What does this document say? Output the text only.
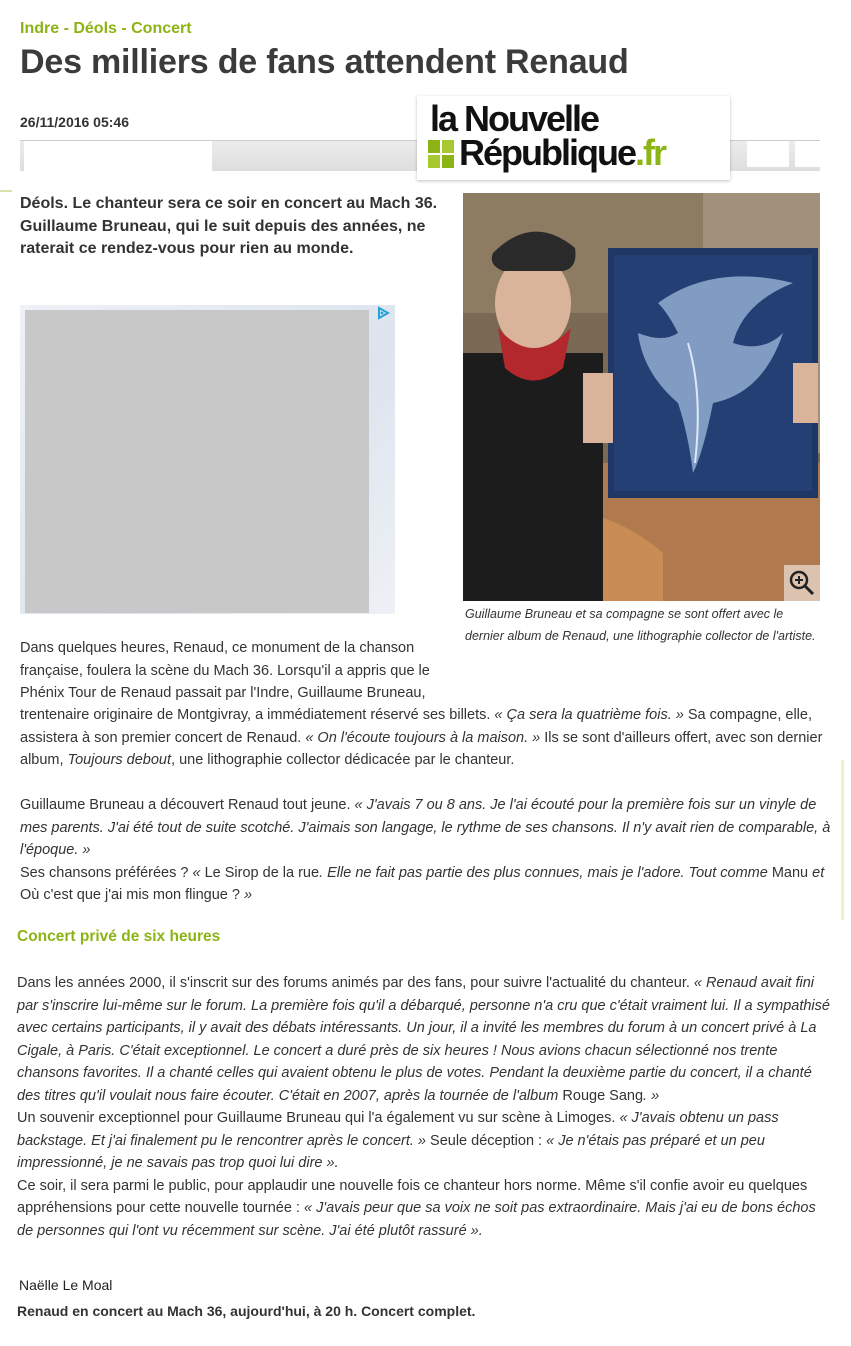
Indre - Déols - Concert
Des milliers de fans attendent Renaud
26/11/2016 05:46	la Nouvelle
République.fr
Déols. Le chanteur sera ce soir en concert au Mach 36. Guillaume Bruneau, qui le suit depuis des années, ne raterait ce rendez-vous pour rien au monde.
Guillaume Bruneau et sa compagne se sont offert avec le dernier album de Renaud, une lithographie collector de l'artiste.
Dans quelques heures, Renaud, ce monument de la chanson française, foulera la scène du Mach 36. Lorsqu'il a appris que le Phénix Tour de Renaud passait par l'Indre, Guillaume Bruneau,
trentenaire originaire de Montgivray, a immédiatement réservé ses billets. « Ça sera la quatrième fois. » Sa compagne, elle, assistera à son premier concert de Renaud. « On l'écoute toujours à la maison. » Ils se sont d'ailleurs offert, avec son dernier album, Toujours debout, une lithographie collector dédicacée par le chanteur.
Guillaume Bruneau a découvert Renaud tout jeune. « J'avais 7 ou 8 ans. Je l'ai écouté pour la première fois sur un vinyle de mes parents. J'ai été tout de suite scotché. J'aimais son langage, le rythme de ses chansons. Il n'y avait rien de comparable, à l'époque. »
Ses chansons préférées ? « Le Sirop de la rue. Elle ne fait pas partie des plus connues, mais je l'adore. Tout comme Manu et Où c'est que j'ai mis mon flingue ? »
Concert privé de six heures
Dans les années 2000, il s'inscrit sur des forums animés par des fans, pour suivre l'actualité du chanteur. « Renaud avait fini par s'inscrire lui-même sur le forum. La première fois qu'il a débarqué, personne n'a cru que c'était vraiment lui. Il a sympathisé avec certains participants, il y avait des débats intéressants. Un jour, il a invité les membres du forum à un concert privé à La Cigale, à Paris. C'était exceptionnel. Le concert a duré près de six heures ! Nous avions chacun sélectionné nos trente chansons favorites. Il a chanté celles qui avaient obtenu le plus de votes. Pendant la deuxième partie du concert, il a chanté des titres qu'il voulait nous faire écouter. C'était en 2007, après la tournée de l'album Rouge Sang. »
Un souvenir exceptionnel pour Guillaume Bruneau qui l'a également vu sur scène à Limoges. « J'avais obtenu un pass backstage. Et j'ai finalement pu le rencontrer après le concert. » Seule déception : « Je n'étais pas préparé et un peu impressionné, je ne savais pas trop quoi lui dire ».
Ce soir, il sera parmi le public, pour applaudir une nouvelle fois ce chanteur hors norme. Même s'il confie avoir eu quelques appréhensions pour cette nouvelle tournée : « J'avais peur que sa voix ne soit pas extraordinaire. Mais j'ai eu de bons échos de personnes qui l'ont vu récemment sur scène. J'ai été plutôt rassuré ».
Naëlle Le Moal
Renaud en concert au Mach 36, aujourd'hui, à 20 h. Concert complet.
